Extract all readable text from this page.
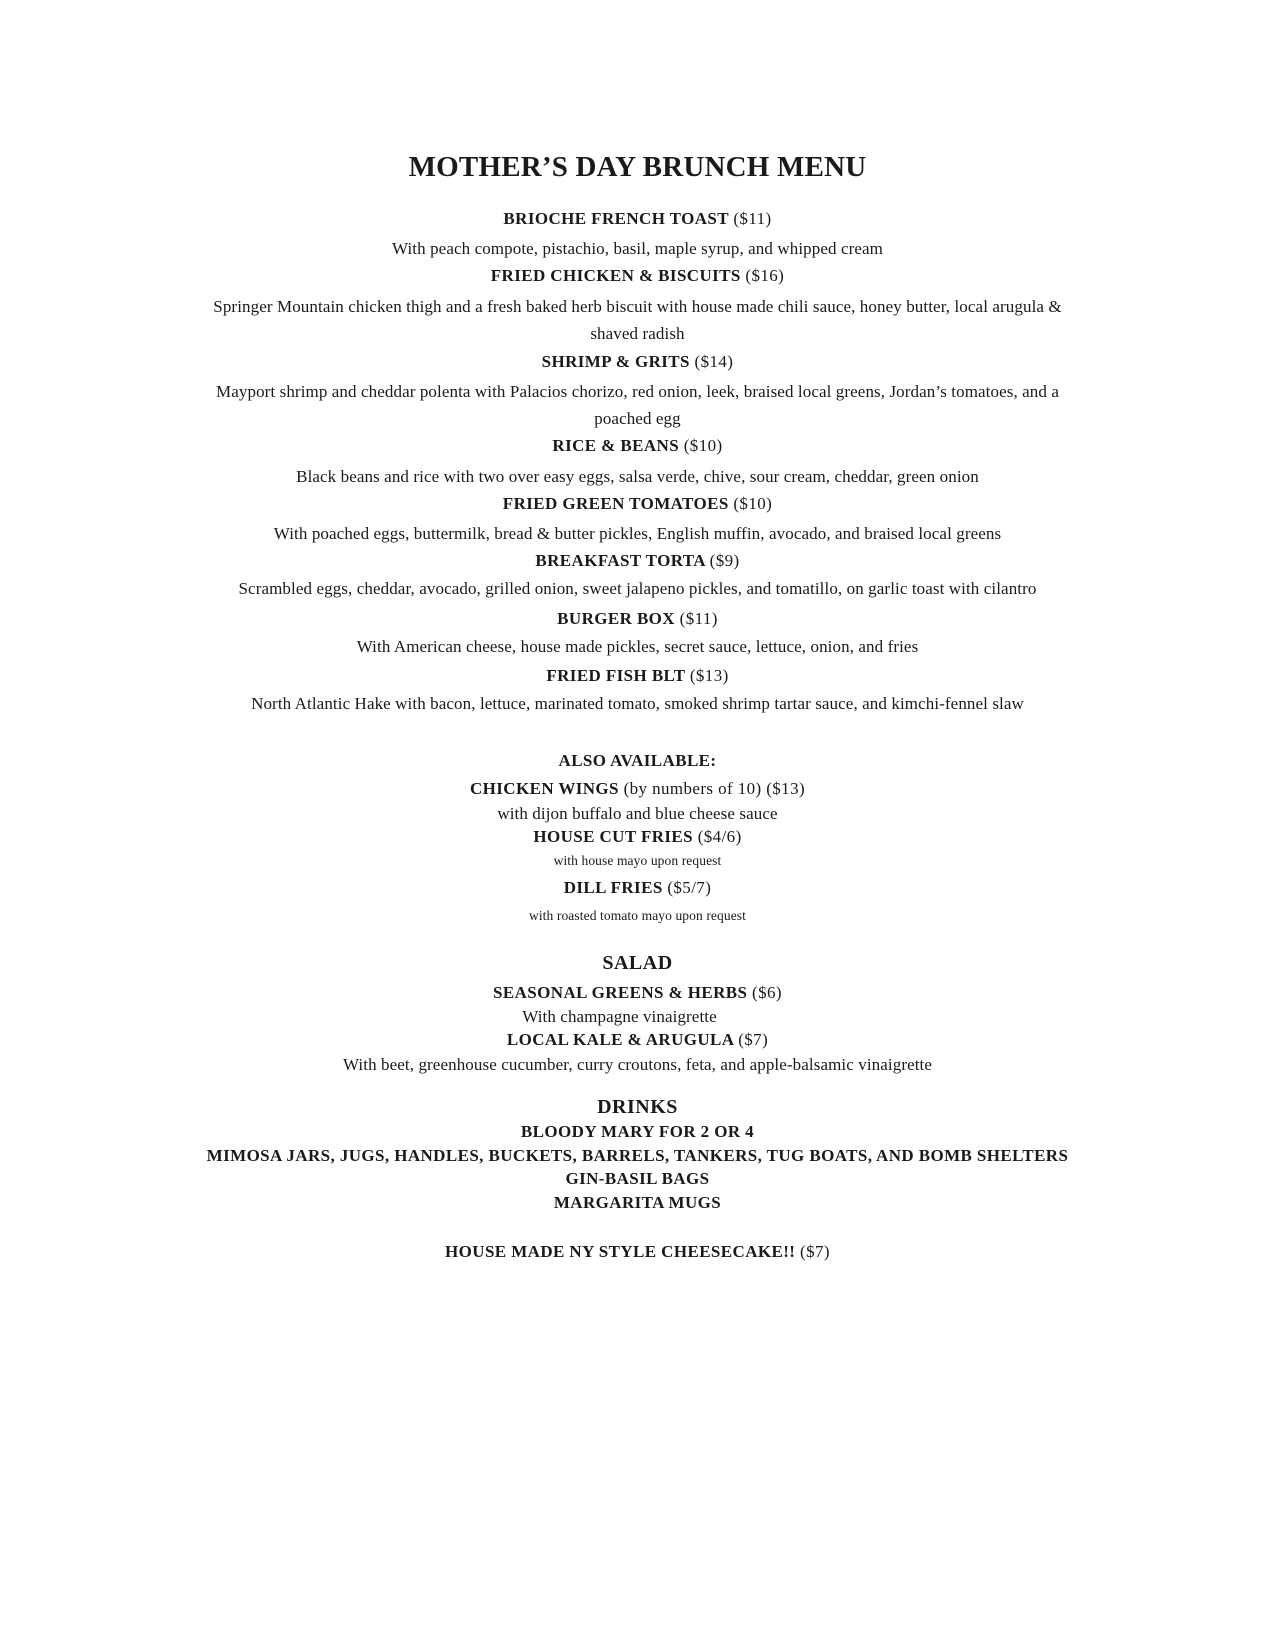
MOTHER’S DAY BRUNCH MENU
BRIOCHE FRENCH TOAST ($11)
With peach compote, pistachio, basil, maple syrup, and whipped cream
FRIED CHICKEN & BISCUITS ($16)
Springer Mountain chicken thigh and a fresh baked herb biscuit with house made chili sauce, honey butter, local arugula &
shaved radish
SHRIMP & GRITS ($14)
Mayport shrimp and cheddar polenta with Palacios chorizo, red onion, leek, braised local greens, Jordan’s tomatoes, and a
poached egg
RICE & BEANS ($10)
Black beans and rice with two over easy eggs, salsa verde, chive, sour cream, cheddar, green onion
FRIED GREEN TOMATOES ($10)
With poached eggs, buttermilk, bread & butter pickles, English muffin, avocado, and braised local greens
BREAKFAST TORTA ($9)
Scrambled eggs, cheddar, avocado, grilled onion, sweet jalapeno pickles, and tomatillo, on garlic toast with cilantro
BURGER BOX ($11)
With American cheese, house made pickles, secret sauce, lettuce, onion, and fries
FRIED FISH BLT ($13)
North Atlantic Hake with bacon, lettuce, marinated tomato, smoked shrimp tartar sauce, and kimchi-fennel slaw
ALSO AVAILABLE:
CHICKEN WINGS (by numbers of 10) ($13)
with dijon buffalo and blue cheese sauce
HOUSE CUT FRIES ($4/6)
with house mayo upon request
DILL FRIES ($5/7)
with roasted tomato mayo upon request
SALAD
SEASONAL GREENS & HERBS ($6)
With champagne vinaigrette
LOCAL KALE & ARUGULA ($7)
With beet, greenhouse cucumber, curry croutons, feta, and apple-balsamic vinaigrette
DRINKS
BLOODY MARY FOR 2 OR 4
MIMOSA JARS, JUGS, HANDLES, BUCKETS, BARRELS, TANKERS, TUG BOATS, AND BOMB SHELTERS
GIN-BASIL BAGS
MARGARITA MUGS
HOUSE MADE NY STYLE CHEESECAKE!! ($7)
